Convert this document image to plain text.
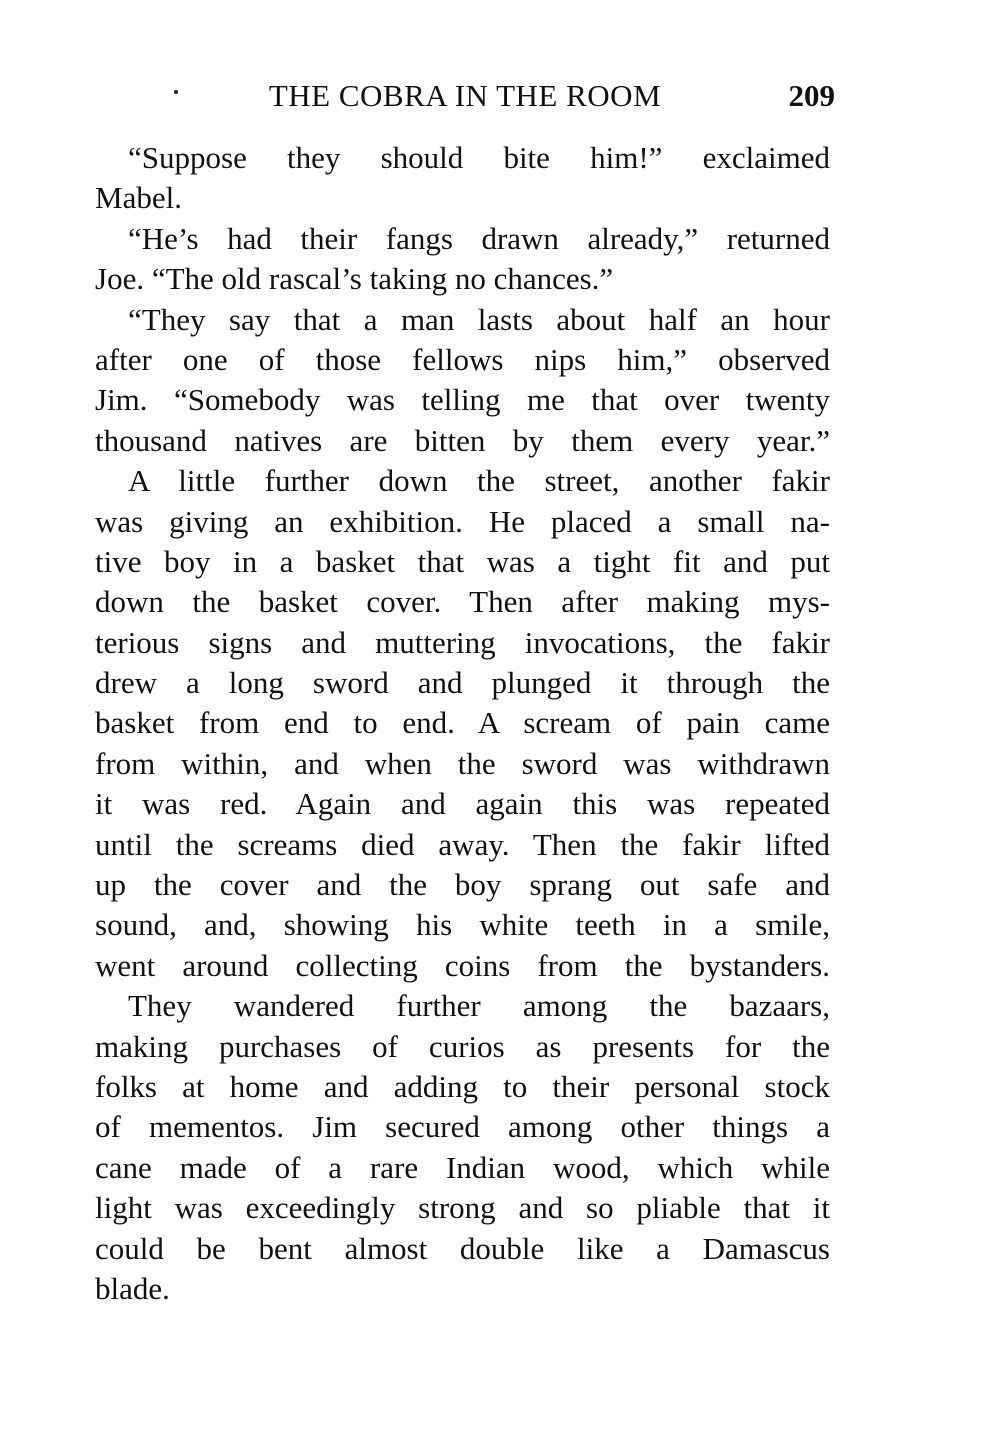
THE COBRA IN THE ROOM	209
“Suppose they should bite him!” exclaimed
Mabel.
“He’s had their fangs drawn already,” returned
Joe. “The old rascal’s taking no chances.”
“They say that a man lasts about half an hour
after one of those fellows nips him,” observed
Jim. “Somebody was telling me that over twenty
thousand natives are bitten by them every year.”
A little further down the street, another fakir
was giving an exhibition. He placed a small na-
tive boy in a basket that was a tight fit and put
down the basket cover. Then after making mys-
terious signs and muttering invocations, the fakir
drew a long sword and plunged it through the
basket from end to end. A scream of pain came
from within, and when the sword was withdrawn
it was red. Again and again this was repeated
until the screams died away. Then the fakir lifted
up the cover and the boy sprang out safe and
sound, and, showing his white teeth in a smile,
went around collecting coins from the bystanders.
They wandered further among the bazaars,
making purchases of curios as presents for the
folks at home and adding to their personal stock
of mementos. Jim secured among other things a
cane made of a rare Indian wood, which while
light was exceedingly strong and so pliable that it
could be bent almost double like a Damascus
blade.
